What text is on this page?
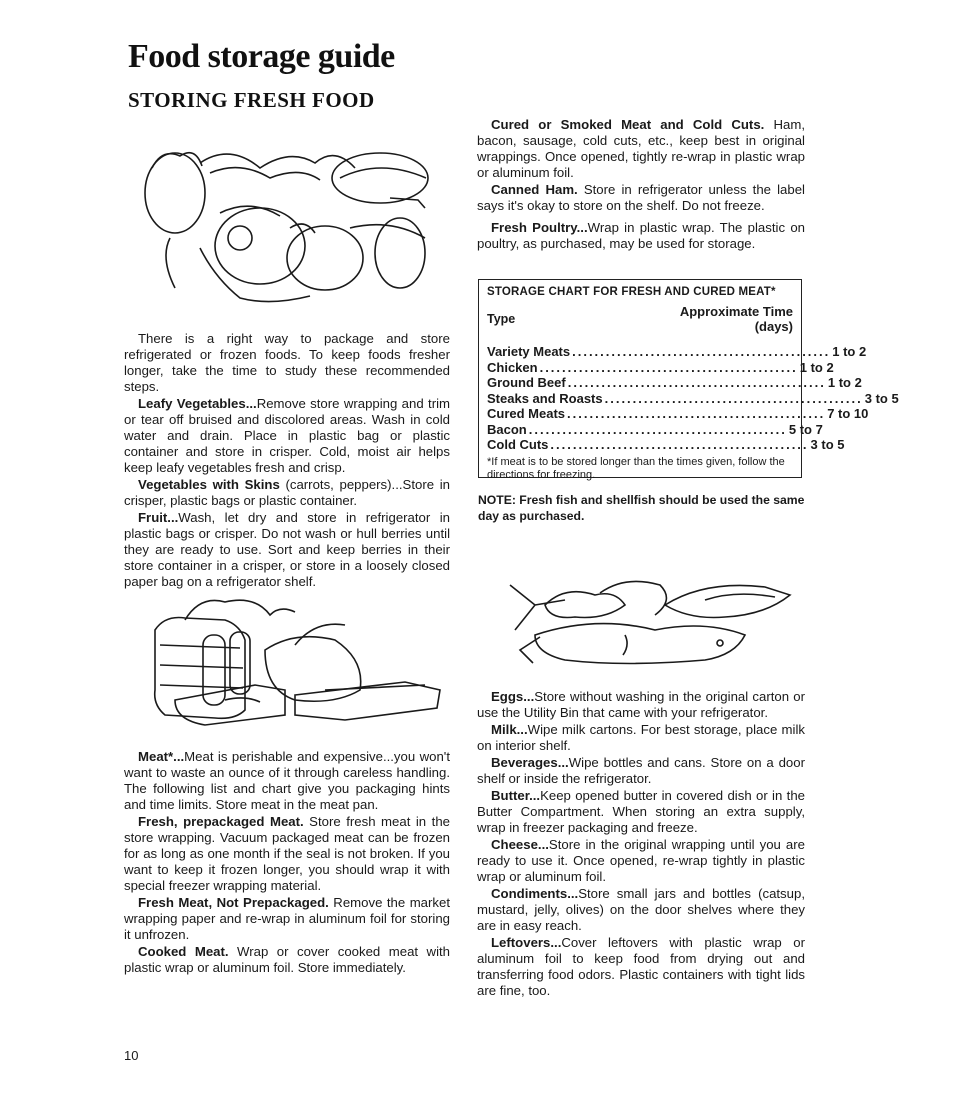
Food storage guide
STORING FRESH FOOD

There is a right way to package and store refrigerated or frozen foods. To keep foods fresher longer, take the time to study these recommended steps.

Leafy Vegetables...Remove store wrapping and trim or tear off bruised and discolored areas. Wash in cold water and drain. Place in plastic bag or plastic container and store in crisper. Cold, moist air helps keep leafy vegetables fresh and crisp.

Vegetables with Skins (carrots, peppers)...Store in crisper, plastic bags or plastic container.

Fruit...Wash, let dry and store in refrigerator in plastic bags or crisper. Do not wash or hull berries until they are ready to use. Sort and keep berries in their store container in a crisper, or store in a loosely closed paper bag on a refrigerator shelf.

Meat*...Meat is perishable and expensive...you won't want to waste an ounce of it through careless handling. The following list and chart give you packaging hints and time limits. Store meat in the meat pan.

Fresh, prepackaged Meat. Store fresh meat in the store wrapping. Vacuum packaged meat can be frozen for as long as one month if the seal is not broken. If you want to keep it frozen longer, you should wrap it with special freezer wrapping material.

Fresh Meat, Not Prepackaged. Remove the market wrapping paper and re-wrap in aluminum foil for storing it unfrozen.

Cooked Meat. Wrap or cover cooked meat with plastic wrap or aluminum foil. Store immediately.

Cured or Smoked Meat and Cold Cuts. Ham, bacon, sausage, cold cuts, etc., keep best in original wrappings. Once opened, tightly re-wrap in plastic wrap or aluminum foil.

Canned Ham. Store in refrigerator unless the label says it's okay to store on the shelf. Do not freeze.

Fresh Poultry...Wrap in plastic wrap. The plastic on poultry, as purchased, may be used for storage.

STORAGE CHART FOR FRESH AND CURED MEAT*
Type	Approximate Time
(days)
Variety Meats .............................................. 1 to 2
Chicken .............................................. 1 to 2
Ground Beef .............................................. 1 to 2
Steaks and Roasts .............................................. 3 to 5
Cured Meats .............................................. 7 to 10
Bacon .............................................. 5 to 7
Cold Cuts .............................................. 3 to 5
*If meat is to be stored longer than the times given, follow the directions for freezing.
NOTE: Fresh fish and shellfish should be used the same day as purchased.

Eggs...Store without washing in the original carton or use the Utility Bin that came with your refrigerator.

Milk...Wipe milk cartons. For best storage, place milk on interior shelf.

Beverages...Wipe bottles and cans. Store on a door shelf or inside the refrigerator.

Butter...Keep opened butter in covered dish or in the Butter Compartment. When storing an extra supply, wrap in freezer packaging and freeze.

Cheese...Store in the original wrapping until you are ready to use it. Once opened, re-wrap tightly in plastic wrap or aluminum foil.

Condiments...Store small jars and bottles (catsup, mustard, jelly, olives) on the door shelves where they are in easy reach.

Leftovers...Cover leftovers with plastic wrap or aluminum foil to keep food from drying out and transferring food odors. Plastic containers with tight lids are fine, too.

10
